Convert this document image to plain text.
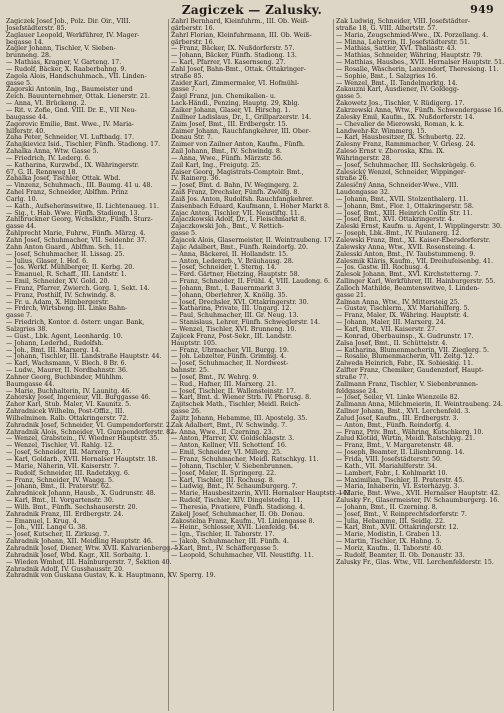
Zagiczek — Zalusky.	949
Zagiczek Josef Job., Polz. Dir. Oir., VIII.
Josefstädterstr. 85.
Zaglauer Leopold, Werkführer, IV. Mager-
begasse 14.
Zagler Johann, Tischler, V. Sieben-
brunneng. 28.
— Mathias, Kragner, V. Garteng. 17.
— Rudolf, Bäcker, X. Raaberbahng. 9.
Zagola Alois, Handschuhmach., VII. Linden-
gasse 5.
Zagorski Antonin, Ing., Baumeister und
Zeich. Bauunternehmer, Ottak. Lienerstr. 21.
— Anna, VI. Brückeng. 2.
— Rit. v. Zofie, Gnd. VIII. Dr. E., VII Neu-
baugasse 44.
Zagorovic Emilie, Bmt. Wwe., IV. Maria-
hilferstr. 40.
Zaha Peter, Schneider, VI. Luftbadg. 17.
Zahajkievicz Isid., Tischler, Fünfh. Stadiong. 17.
Zahalka Anna, Wtw. Gasse 5.
— Friedrich, IV. Lederg. 6.
— Katharina, Kurzwbd., IX. Währingerstr.
67, G. II. Rennweg 18.
Zahálka Josef, Tischler, Ottak. Wbd.
— Vinzenz, Schuhmach., III. Baumg. 41 u. 48.
Zahel Franz, Schneider, Ablfhm. Prinz
Carlg. 10.
— Kath., Aufseherinswitwe, II. Lichtenaueg. 11.
— Sig., t. Hab. Wwe. Fünfh. Stadiong. 13.
Zahlbruckner Georg, Wchslkhr., Fünfh. Sturz-
gasse 44.
Zahlprecht Marie, Fuhrw., Fünfh. Märzg. 4.
Zahn Josef, Schuhmacher, VII. Seidenbr. 37.
Zahn Anton Guard., Ablfhm. Sch. 11.
— Josef, Schuhmacher, II. Lissag. 25.
— Julius, Glaser, I. Hof. 6.
— Jos. Werkf. Mühlberger, II. Kerbg. 20.
— Emanuel, R. Schaff., III. Landstr. 1.
— Emil, Schneider, XV. Gold. 20.
— Franz, Pfarrer, Zwierch. Gorg. 1, Sekt. 14.
— Franz, Posthilf, IV. Schwindg. 8.
— Fr. u. Adam, X. Himbergerstr.
— Frdrch, Wirtsbeng. III. Linke Bahn-
gasse 7.
— Friedrich, Kontor. d. österr. ungar. Bank,
Salzgries 38.
— Gust., Lbk. Agent, Leonhardg. 10.
— Johann, Lederhd., Rudolfsh.
— Joh., Bmt. III. Marxerg. 14.
— Johann, Tischler, III. Landstraße Hauptstr. 44.
— Karl, Wachsmann, V. Blech. 8 Br. 6.
— Ludw., Maurer, II. Nordbahnstr. 36.
Zahner Georg, Buchbinder, Mühlhm.
Baumgasse 44.
— Marie, Buchhalterin, IV. Launitg. 46.
Zahorsky Josef, Ingenieur, VII. Burggasse 46.
Zahor Karl, Stub. Maler, VI. Kaunitz. 5.
Zahradnicek Wilhelm, Post-Offiz., III.
Wilhelminen. Ralb. Ottakringerstr. 72.
Zahradnik Josef, Schneider, VI. Gumpendorferstr. 2.
Zahradnik Alois, Schneider, VI. Gumpendorferstr. 82.
— Wenzel, Grabstein., IV. Wiedner Hauptstr. 35.
— Wenzel, Tischler, VI. Rahlg. 12.
— Josef, Schneider, III. Marxerg. 17.
— Karl, Goldarb., XVII. Hernalser Hauptstr. 18.
— Marie, Näherin, VII. Kaiserstr. 7.
— Rudolf, Schneider, III. Radetzkyg. 6.
— Franz, Schneider, IV. Waagg. 5.
— Johann, Bmt., II. Praterstr. 62.
Zahradnicek Johann, Hausb., X. Gudrunstr. 48.
— Karl, Bmt., II. Vorgartenstr. 30.
— Wilh. Bmt., Fünfh. Sechshauserstr. 20.
Zahradnik Franz, III. Erdbergstr. 24.
— Emanuel, I. Krug. 4.
— Joh., VIII. Lange G. 38.
— Josef, Kutscher, II. Zirkusg. 7.
Zahradnik Johann, XII. Meidling Hauptstr. 46.
Zahradnik Josef, Diener, Wtw. XVII. Kalvarienbergg. 5.
Zahradnik Josef, Wbd. Kagr., XII. Sorbaitg. 1.
— Wieden Wmhof, III. Hainburgerstr. 7, Sektion 40.
Zahradnik Adolf, IV. Gusshausstr. 20.
Zahradnik von Guskana Gustav, K. k. Hauptmann, XV. Sperrg. 19.
Zahrl Bernhard, Kleinfuhrm., III. Ob. Weiß-
gärberstr. 16.
Zahrl Florian, Kleinfuhrmann, III. Ob. Weiß-
gärberstr. 16.
— Franz, Bäcker, IX. Nußdorferstr. 57.
— Johann, Bäcker, Fünfh. Stadiong. 13.
— Karl, Pfarrer, VI. Kasernseng. 27.
Zahl Josef, Bahn-Bmt., Ottak. Ottakringer-
straße 85.
Zaider Karl, Zimmermaler, VI. Hofmühl-
gasse 7.
Zaigl Franz, jun. Chemikalien- u.
Lack-Händl., Penzing, Hauptg. 29, Kblg.
Zaiker Johann, Glaser, VI. Hirschg. 1.
Zaillner Ladislaus, Dr., I., Grillparzerstr. 14.
Zaim Josef, Bmt., III. Erdbergstr. 15.
Zaimer Johann, Rauchfangkehrer, III. Ober-
Donau Str. 7.
Zaimer von Zailner Anton, Kaufm., Fünfh.
Zail Johann, Bmt., IV. Schwindg. 8.
— Anna, Wwe., Fünfh. Märzstr. 56.
Zail Karl, Ing., Freigutg. 25.
Zaiser Georg, Magistrats-Comptoir. Bmt.,
IV. Rainerg. 36.
— Josef, Bmt. d. Bahn, IV. Wegingerg. 2.
Zaiß Franz, Drechsler, Fünfh. Zwölfg. 8.
Zaiß Jos. Anton, Rudolfsh. Rauchfangkehrer.
Zaisenbach Eduard, Kaufmann, I. Hoher Markt 8.
Zajac Anton, Tischler, VII. Neustiftg. 11.
Zajaczkowski Adolf, Dr., I. Fleischmarkt 8.
Zajaczkowski Joh., Bmt., V. Rettich-
gasse 5.
Zajacek Alois, Glasermeister, II. Weintraubeng. 17.
Zajic Adalbert, Bmt., Fünfh. Reindorfg. 20.
— Anna, Bäckerei, II. Hollandstr. 15.
— Anton, Lederarb., V. Bräuhausg. 28.
— Josef, Schneider, I. Sterng. 14.
— Ferd. Gärtner, Hietzing, Hauptstr. 58.
— Franz, Schneider, II. Frühl. 4, VIII. Laudong. 6.
— Johann, Bmt., I. Bauernmarkt 3.
— Johann, Oberlehrer, X. Knöllg. 35.
— Josef, Drechsler, XVI. Ottakringerstr. 30.
— Katharina, Private, III. Ungarg. 12.
— Paul, Schuhmacher, III. Gr. Neug. 13.
— Stanislaus, Lehrer, Fünfh. Schweglerstr. 14.
— Wenzel, Tischler, XVI. Brunneng. 10.
Zajicek Franz, Post-Sekr., III. Landstr.
Hauptstr. 105.
— Franz, Uhrmacher, VII. Burgg. 19.
— Joh. Lebzelter, Fünfh. Grimmg. 4.
— Josef, Schuhmacher, II. Nordwest-
bahnstr. 25.
— Josef, Bmt., IV. Wehrg. 9.
— Rud., Hafner, III. Marxerg. 21.
— Josef, Tischler, II. Wallensteinstr. 17.
— Karl, Bmt. d. Wiener Strb. IV. Phorusg. 8.
Zajitschek Math., Tischler, Meidl. Reich-
gasse 26.
Zajitz Johann, Hebamme, III. Apostelg. 35.
Zak Adalbert, Bmt., IV. Schwindg. 7.
— Anna, Wwe., II. Czerning. 23.
— Anton, Pfarrer, XV. Goldschlagstr. 3.
— Anton, Kellner, VII. Schottenf. 16.
— Emil, Schneider, VI. Millerg. 25.
— Franz, Schuhmacher, Meidl. Ratschkyg. 11.
— Johann, Tischler, V. Siebenbrunnen.
— Josef, Maler, II. Springerg. 22.
— Karl, Tischler, III. Rochusg. 8.
— Ludwig, Bmt., IV. Schaumburgerg. 7.
— Marie, Hausbesitzerin, XVII. Hernalser Hauptstr. 142.
— Rudolf, Tischler, XIV. Dingelstedtg. 11.
— Theresia, Pivatiere, Fünfh. Stadiong. 4.
Zakelj Josef, Schuhmacher, II. Ob. Donau.
Zakostelna Franz, Kaufm., VI. Liniengasse 8.
— Heinr., Schlosser, XVII. Lienfeldg. 64.
— Ign., Tischler, II. Taborstr. 17.
— Jakob, Schuhmacher, III. Fünfh. 4.
— Karl, Bmt., IV. Schäffergasse 5.
— Leopold, Schuhmacher, VII. Neustiftg. 11.
Zak Ludwig, Schneider, VIII. Josefstädter-
straße 18, G. VIII. Albertstr. 57.
— Maria, Zeugschmied-Wwe., IX. Porzellang. 4.
— Minna, Lehrerin, II. Josefstädterstr. 51.
— Mathias, Sattler, XVI. Thaliastr. 43.
— Mathias, Schneider, Währing, Hauptstr. 79.
— Matthias, Hausbes., XVII. Hernalser Hauptstr. 51.
— Rosalie, Wäscherin, Lanzendorf, Theresieng. 11.
— Sophie, Bmt., I. Salzgries 16.
— Wenzel, Bmt., II. Tandelmarktg. 14.
Zakauzni Karl, Ausdiener, IV. Goldegg-
gasse 5.
Zakowetz Jos., Tischler, V. Rüdigerg. 17.
Zakrzewski Anna, Wtw., Fünfh. Schwendergasse 16.
Zalesky Emil, Kaufm., IX. Nußdorferstr. 14.
— Chevalier de Mierowski, Roman, k. k.
Landwehr-Kr. Wimmerg. 15.
— Karl, Hausbesitzer, IX. Schubertg. 22.
Zalesny Franz, Rammmacher, V. Griesg. 24.
Zalesó Ernst v. Zboroska, Kfm. IX.
Währingerstr. 28.
— Josef, Schuhmacher, III. Sechskrügelg. 6.
Zalesický Wenzel, Schneider, Wippinger-
straße 26.
Zalesičný Anna, Schneider-Wwe., VIII.
Laudongasse 32.
— Johann, Bmt., XVII. Stolzenthalerg. 11.
— Johann, Bmt., Flor. 1, Ottakringerstr. 58.
— Josef, Bmt., XIII. Heinrich Collin Str. 11.
— Josef, Bmt., XVI. Ottakringerstr. 4.
Zaleski Ernst, Kaufm. u. Agent, I. Wipplingerstr. 30.
— Joseph, Lbk.-Bmt., IV. Paulanerg. 12.
Zalewski Franz, Bmt., XI. Kaiser-Ebersdorferstr.
Zalewsky Anna, Wtw., XVII. Rosensteing. 4.
Zalesski Anton, Bmt., IV. Taubstummeng. 9.
Zalesmik Kläris, Kaufm., VII. Dreihufeisenbg. 41.
— Jos. Gastw. III. Rochusg. 4.
Zalesok Johann, Bmt., XVI. Kirchstetterng. 7.
Zallinger Karl, Werkführer, III. Hainburgerstr. 55.
Zalloch Mathilde, Beamtenswitwe, I. Linden-
gasse 21.
Zalman Anna, Wtw., IV. Mittersteig 25.
— Gustav, Tischlerm., XV. Mariahilferg. 5.
— Franz, Maler, IX. Währing. Hauptstr. 4.
— Johann, Maler, III. Marxerg. 24.
— Karl, Bmt., VII. Kaiserstr. 27.
— Konrad, Oberbauinsp., X. Gudrunstr. 17.
Zalsa Josef, Bmt., II. Schüttelstr. 4.
— Katharina, Blumenmacherin, VII. Zieglerg. 5.
— Rosalie, Blumenmacherin, VII. Zeltg. 12.
Zalweda Heinrich, Fabr., IX. Sobieskig. 11.
Zalfter Franz, Chemiker, Gaudenzdorf, Haupt-
straße 77.
Zallmann Franz, Tischler, V. Siebenbrunnen-
feldgasse 24.
— Josef, Seiler, VI. Linke Wienzeile 82.
Zallmann Anna, Milchmeierin, II. Weintraubeng. 24.
Zallner Johann, Bmt., XVI. Lerchenfeld. 3.
Zalud Josef, Kaufm., III. Erdbergstr. 3.
— Anton, Bmt., Fünfh. Reindorfg. 4.
— Franz, Priv. Bmt., Währing, Kutschkerg. 10.
Zalud Klotild, Wirtin, Meidl. Ratschkyg. 21.
— Franz, Bmt., V. Margaretenstr. 48.
— Joseph, Beamter, II. Lilienbrunng. 14.
— Frida, VIII. Josefstädterstr. 50.
— Kath., VII. Mariahilferstr. 34.
— Lambert, Fabr., I. Kohlmarkt 10.
— Maximilian, Tischler, II. Praterstr. 45.
— Maria, Inhaberin, VI. Esterházyg. 3.
— Marie, Bmt. Wwe., XVII. Hernalser Hauptstr. 42.
Zalusky Fr., Glasermeister, IV. Schaumburgerg. 16.
— Johann, Bmt., II. Czerning. 8.
— Josef, Bmt., V. Reinprechtsdorferstr. 7.
— Julia, Hebamme, III. Seidlg. 22.
— Karl, Bmt., XVII. Ottakringerstr. 12.
— Marie, Modistin, I. Graben 13.
— Martin, Tischler, IX. Hahng. 5.
— Moriz, Kaufm., II. Taborstr. 40.
— Rudolf, Beamter, II. Ob. Donaustr. 33.
Zalusky Fr., Glas. Wtw., VII. Lerchenfelderstr. 15.
